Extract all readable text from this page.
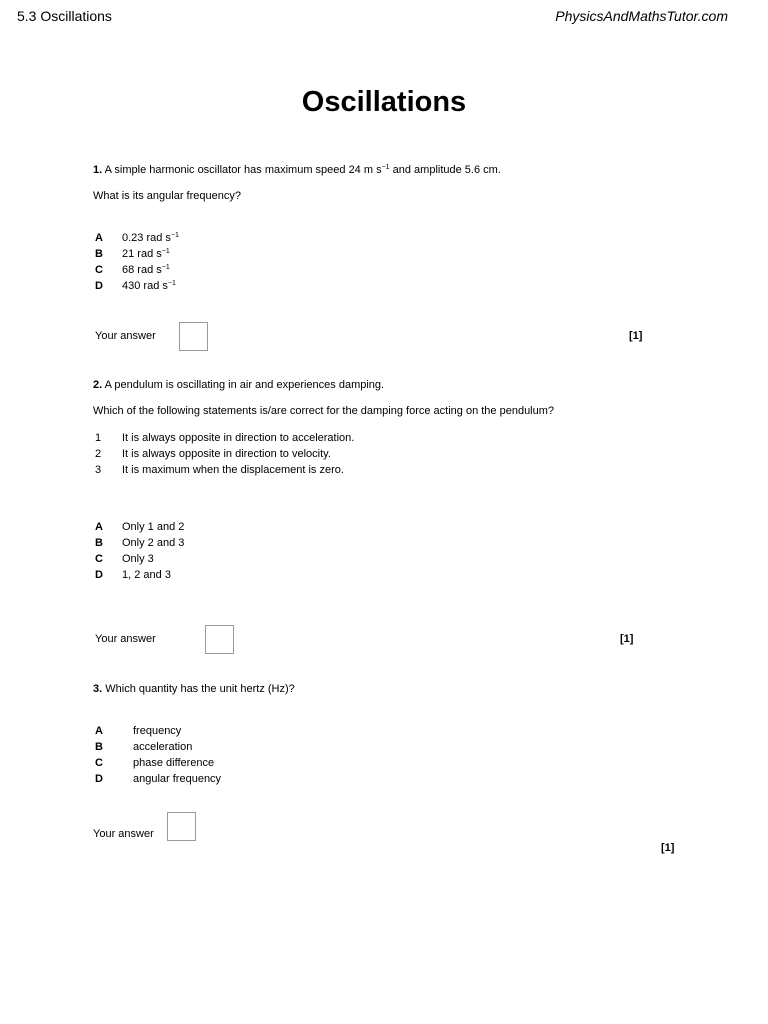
5.3 Oscillations	PhysicsAndMathsTutor.com
Oscillations
1. A simple harmonic oscillator has maximum speed 24 m $s^{-1}$ and amplitude 5.6 cm.
What is its angular frequency?
A 0.23 rad $s^{-1}$
B 21 rad $s^{-1}$
C 68 rad $s^{-1}$
D 430 rad $s^{-1}$
Your answer	[1]
2. A pendulum is oscillating in air and experiences damping.
Which of the following statements is/are correct for the damping force acting on the pendulum?
1 It is always opposite in direction to acceleration.
2 It is always opposite in direction to velocity.
3 It is maximum when the displacement is zero.
A Only 1 and 2
B Only 2 and 3
C Only 3
D 1, 2 and 3
Your answer	[1]
3. Which quantity has the unit hertz (Hz)?
A	frequency
B	acceleration
C	phase difference
D	angular frequency
Your answer
[1]
